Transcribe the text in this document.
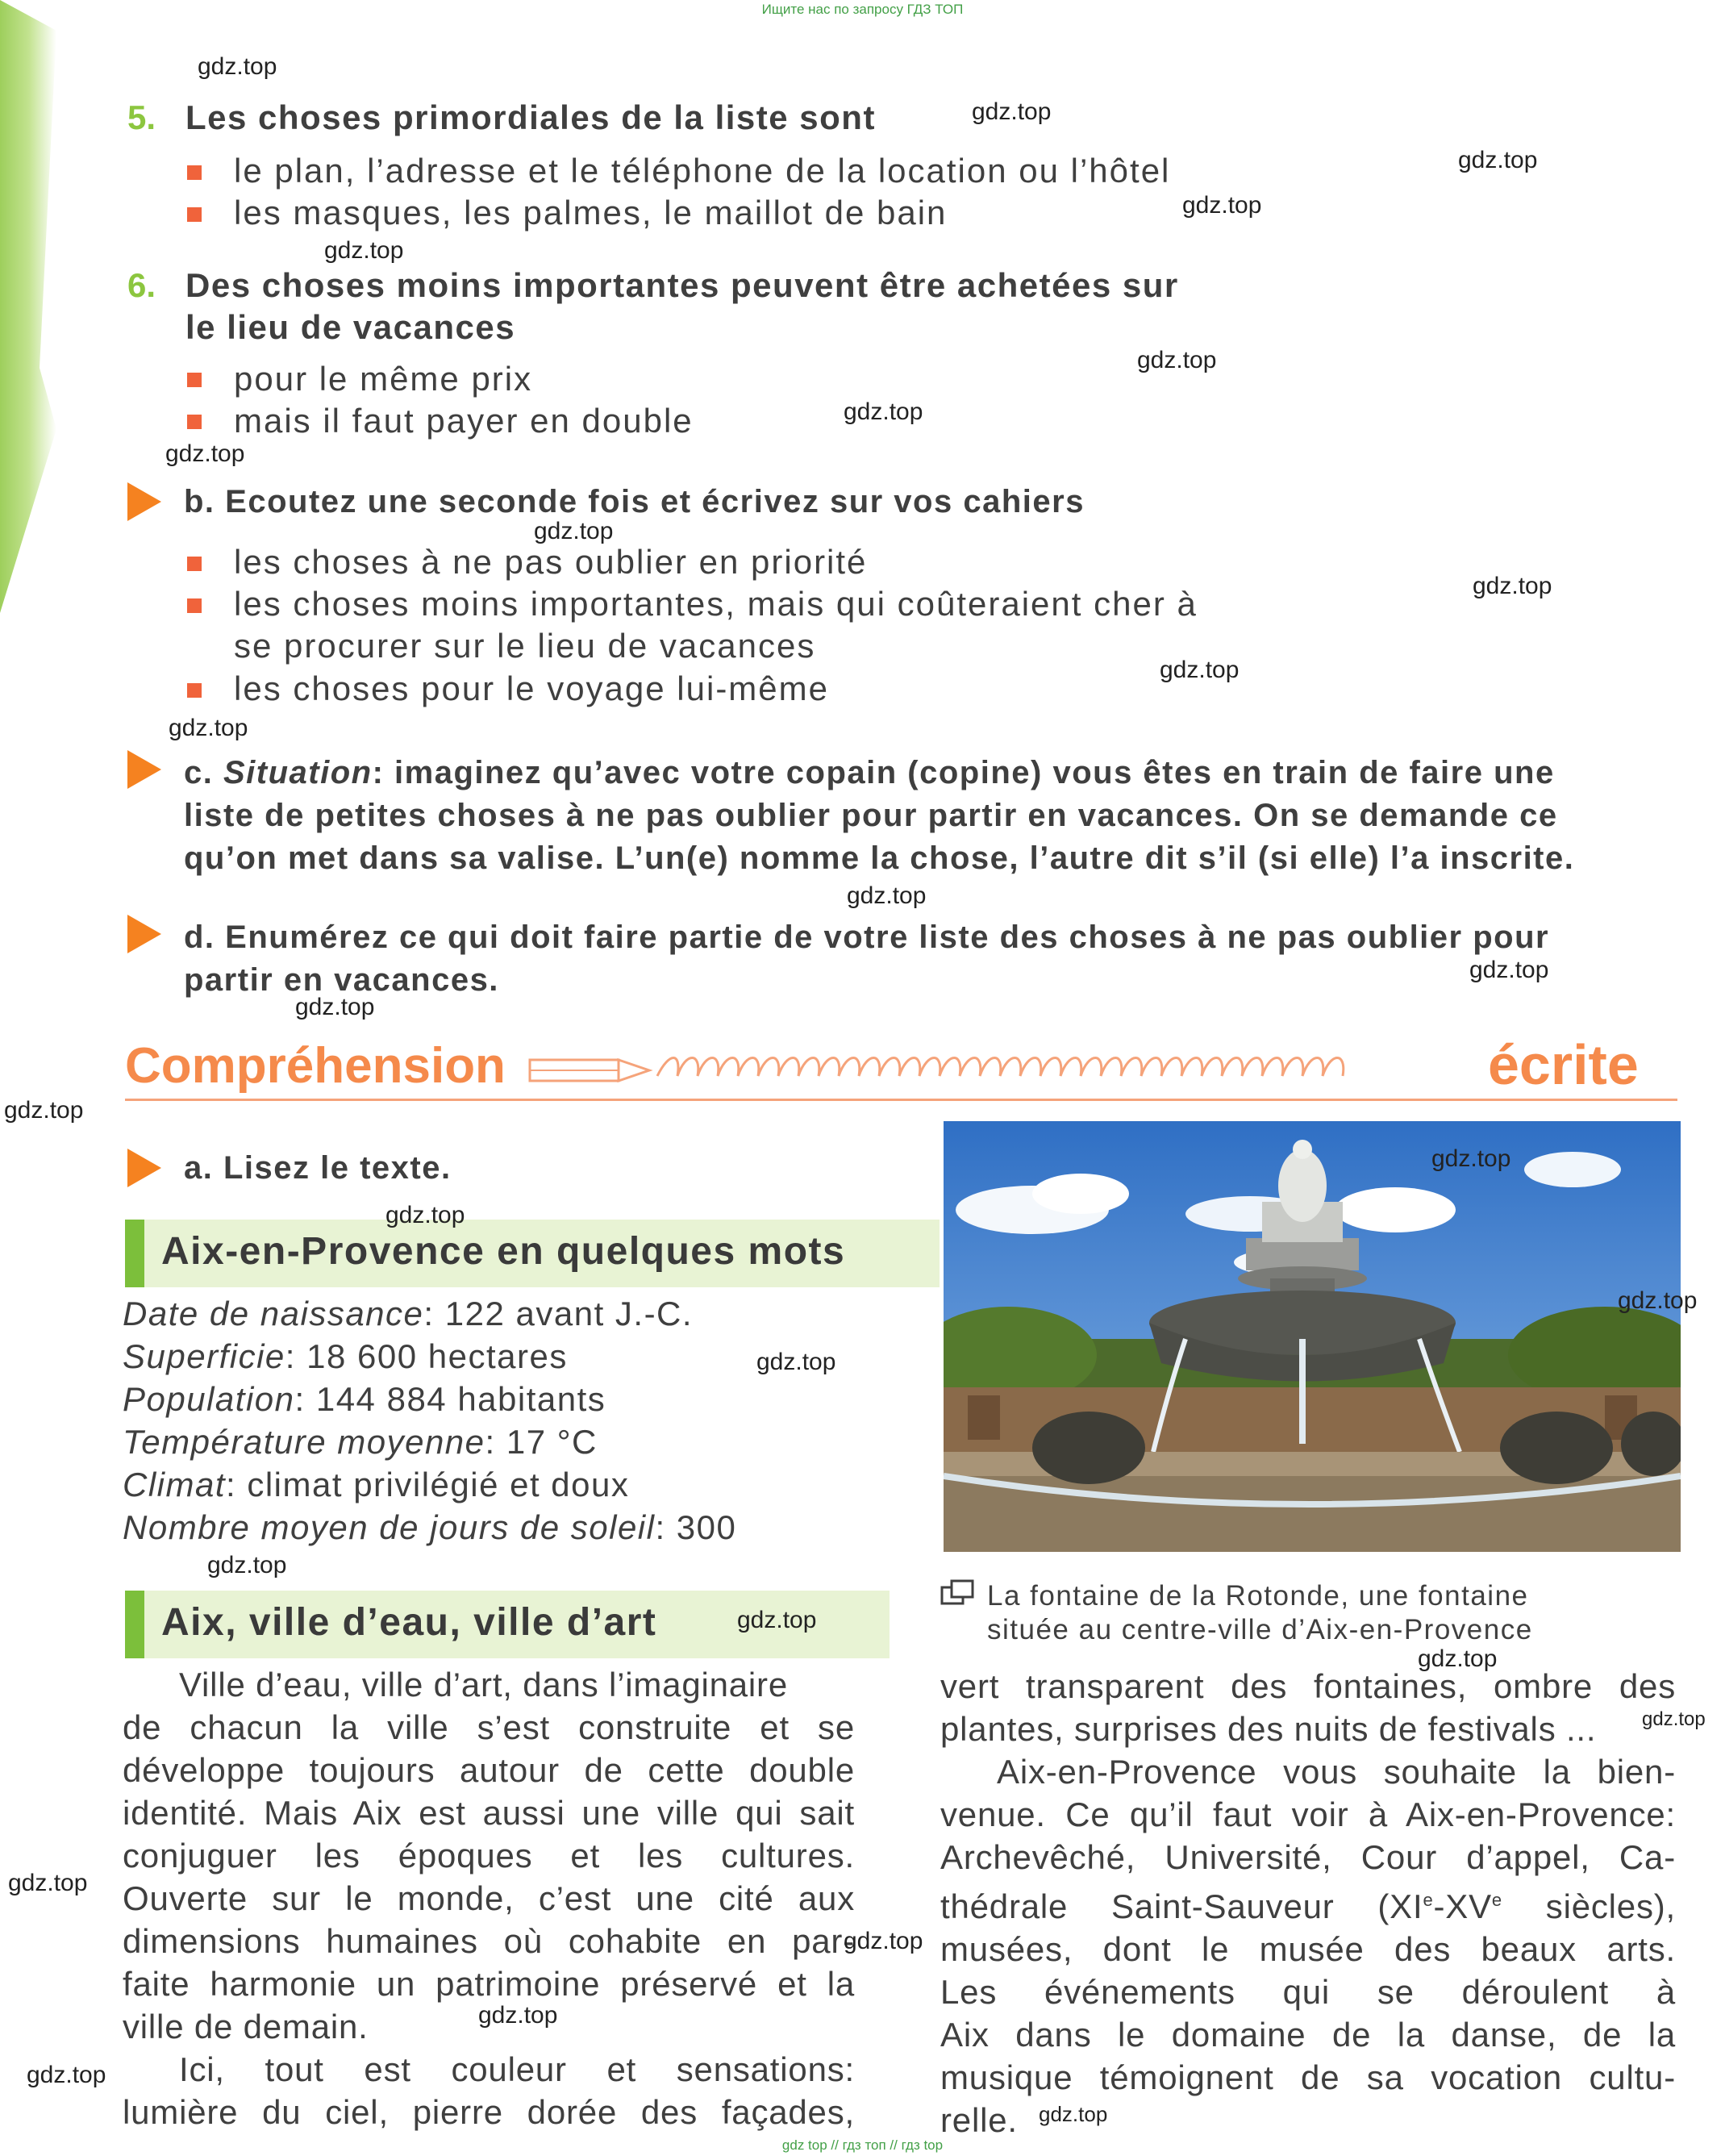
Ищите нас по запросу ГДЗ ТОП
5. Les choses primordiales de la liste sont
le plan, l’adresse et le téléphone de la location ou l’hôtel
les masques, les palmes, le maillot de bain
6. Des choses moins importantes peuvent être achetées sur
le lieu de vacances
pour le même prix
mais il faut payer en double
b. Ecoutez une seconde fois et écrivez sur vos cahiers
les choses à ne pas oublier en priorité
les choses moins importantes, mais qui coûteraient cher à
se procurer sur le lieu de vacances
les choses pour le voyage lui-même
c. Situation: imaginez qu’avec votre copain (copine) vous êtes en train de faire une
liste de petites choses à ne pas oublier pour partir en vacances. On se demande ce
qu’on met dans sa valise. L’un(e) nomme la chose, l’autre dit s’il (si elle) l’a inscrite.
d. Enumérez ce qui doit faire partie de votre liste des choses à ne pas oublier pour
partir en vacances.
Compréhension	écrite
a. Lisez le texte.
Aix-en-Provence en quelques mots
Date de naissance: 122 avant J.-C.
Superficie: 18 600 hectares
Population: 144 884 habitants
Température moyenne: 17 °C
Climat: climat privilégié et doux
Nombre moyen de jours de soleil: 300
Aix, ville d’eau, ville d’art
Ville d’eau, ville d’art, dans l’imaginaire
de chacun la ville s’est construite et se
développe toujours autour de cette double
identité. Mais Aix est aussi une ville qui sait
conjuguer les époques et les cultures.
Ouverte sur le monde, c’est une cité aux
dimensions humaines où cohabite en par-
faite harmonie un patrimoine préservé et la
ville de demain.
Ici, tout est couleur et sensations:
lumière du ciel, pierre dorée des façades,
La fontaine de la Rotonde, une fontaine
située au centre-ville d’Aix-en-Provence
vert transparent des fontaines, ombre des
plantes, surprises des nuits de festivals ...
Aix-en-Provence vous souhaite la bien-
venue. Ce qu’il faut voir à Aix-en-Provence:
Archevêché, Université, Cour d’appel, Ca-
thédrale Saint-Sauveur (XIe-XVe siècles),
musées, dont le musée des beaux arts.
Les événements qui se déroulent à
Aix dans le domaine de la danse, de la
musique témoignent de sa vocation cultu-
relle.
gdz.top
gdz.top
gdz.top
gdz.top
gdz.top
gdz.top
gdz.top
gdz.top
gdz.top
gdz.top
gdz.top
gdz.top
gdz.top
gdz.top
gdz.top
gdz.top
gdz.top
gdz.top
gdz.top
gdz.top
gdz.top
gdz.top
gdz.top
gdz.top
gdz.top
gdz.top
gdz.top
gdz.top
gdz.top
gdz top // гдз топ // гдз top
